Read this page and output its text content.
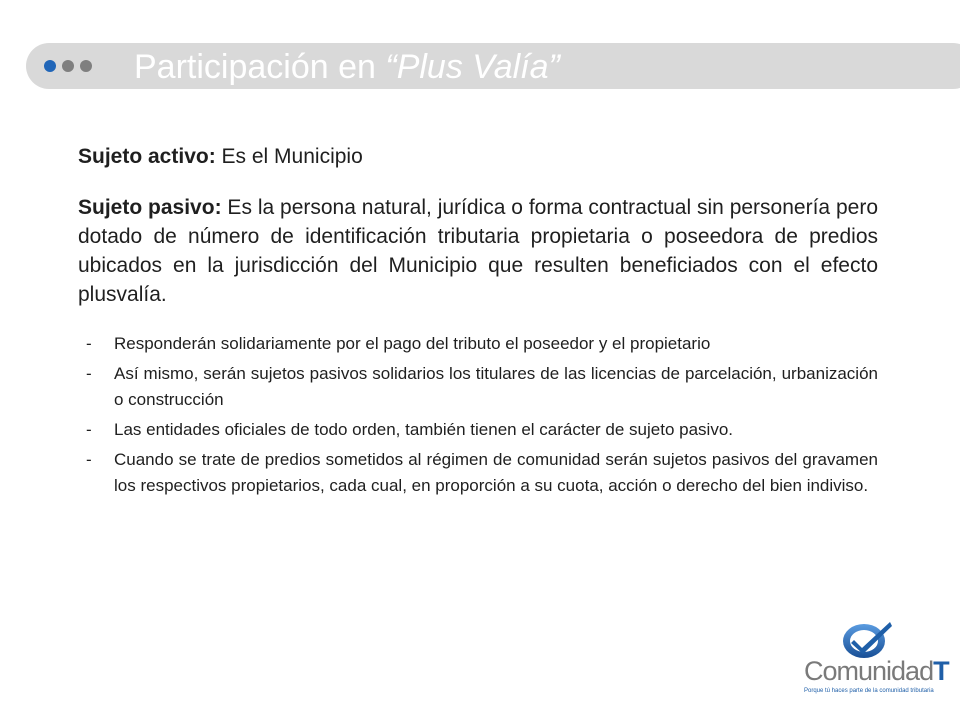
Participación en “Plus Valía”

Sujeto activo: Es el Municipio

Sujeto pasivo: Es la persona natural, jurídica o forma contractual sin personería pero dotado de número de identificación tributaria propietaria o poseedora de predios ubicados en la jurisdicción del Municipio que resulten beneficiados con el efecto plusvalía.

- Responderán solidariamente por el pago del tributo el poseedor y el propietario
- Así mismo, serán sujetos pasivos solidarios los titulares de las licencias de parcelación, urbanización o construcción
- Las entidades oficiales de todo orden, también tienen el carácter de sujeto pasivo.
- Cuando se trate de predios sometidos al régimen de comunidad serán sujetos pasivos del gravamen los respectivos propietarios, cada cual, en proporción a su cuota, acción o derecho del bien indiviso.
ComunidadT
Porque tú haces parte de la comunidad tributaria
